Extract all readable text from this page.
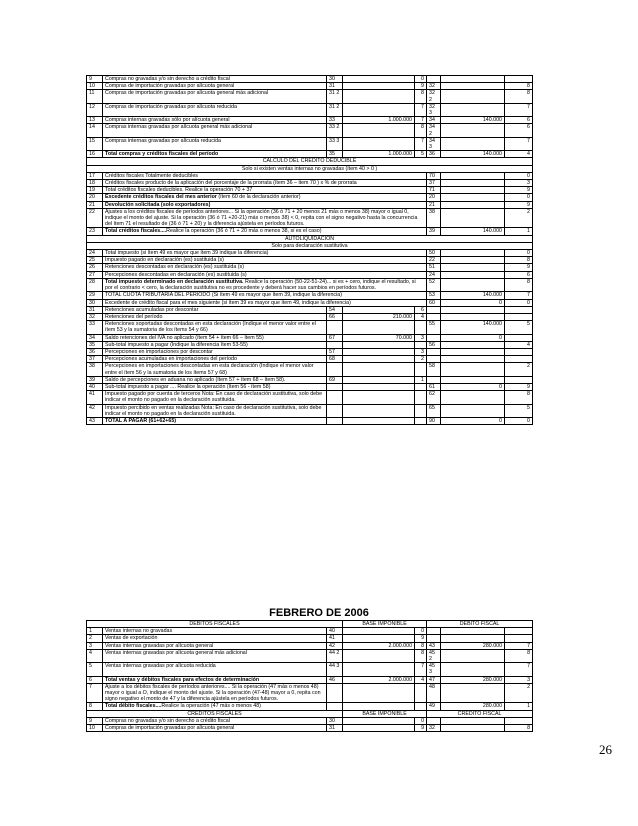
9	Compras no gravadas y/o sin derecho a crédito fiscal	30		0			
10	Compras de importación gravadas por alícuota general	31		9	32		8
11	Compras de importación gravadas por alícuota general más adicional	31 2		8	32 2		8
12	Compras de importación gravadas por alícuota reducida	31 2		7	32 3		7
13	Compras internas gravadas sólo por alícuota general	33	1.000.000	7	34	140.000	6
14	Compras internas gravadas por alícuota general más adicional	33 2		8	34 2		6
15	Compras internas gravadas por alícuota reducida	33 3		7	34 3		7
16	Total compras y créditos fiscales del período	35	1.000.000	5	36	140.000	4
CALCULO DEL CREDITO DEDUCIBLE							
Solo si existen ventas internas no gravadas (ítem 40 > 0 )							
17	Créditos fiscales Totalmente deducibles				70		0
18	Créditos fiscales producto de la aplicación del porcentaje de la prorrata (ítem 36 – item 70 ) x % de prorrata				37		3
19	Total créditos fiscales deducibles. Realice la operación 70 + 37				71		9
20	Excedente créditos fiscales del mes anterior (ítem 60 de la declaración anterior)				20		0
21	Devolución solicitada (solo exportadores)				21		9
22	Ajustes a los créditos fiscales de períodos anteriores... Si la operación (36 ó 71 + 20 menos 21 más o menos 38) mayor o igual 0, indique el monto del ajuste. Si la operación (36 ó 71 +20-21) más o menos 38) < 0, repita con el signo negativo hasta la concurrencia del ítem 71 el resultado de (36 ó 71 + 20) y la diferencia ajústela en períodos futuros.				38		2
23	Total créditos fiscales....Realice la operación (36 ó 71 + 20 más o menos 38, si es el caso)				39	140.000	1
AUTOLIQUIDACION							
Solo para declaración sustitutiva							
24	Total impuesto (si ítem 49 es mayor que ítem 39 indique la diferencia)				50		0
25	Impuesto pagado en declaración (es) sustituida (s)				22		8
26	Retenciones descontadas en declaración (es) sustituida (s)				51		9
27	Percepciones descontadas en declaración (es) sustituida (s)				24		6
28	Total impuesto determinado en declaración sustitutiva. Realice la operación (50-22-51-24)... si es + cero, indique el resultado, si por el contrario < cero, la declaración sustitutiva no es procedente y deberá hacer sus cambios en períodos futuros.				52		8
29	TOTAL CUOTA TRIBUTARIA DEL PERIODO (Si ítem 49 es mayor que ítem 39, indique la diferencia)				53	140.000	7
30	Excedente de crédito fiscal para el mes siguiente (si ítem 39 es mayor que ítem 49, indique la diferencia)				60	0	0
31	Retenciones acumuladas por descontar	54		6			
32	Retenciones del período	66	210.000	4			
33	Retenciones soportadas descontadas en esta declaración (Indique el menor valor entre el ítem 53 y la sumatoria de los ítems 54 y 66)				55	140.000	5
34	Saldo retenciones del IVA no aplicado (ítem 54 + ítem 66 – ítem 55)	67	70.000	3		0	
35	Sub-total impuesto a pagar (Indique la diferencia ítem 53-55)				56		4
36	Percepciones en importaciones por descontar	57		3			
37	Percepciones acumuladas en importaciones del período	68		2			
38	Percepciones en importaciones descontadas en esta declaración (Indique el menor valor entre el ítem 56 y la sumatoria de los ítems 57 y 68)				58		2
39	Saldo de percepciones en aduana no aplicado (ítem 57 + ítem 68 – ítem 58).	69		1			
40	Sub-total impuesto a pagar .... Realice la operación (ítem 56 - ítem 58)				61	0	9
41	Impuesto pagado por cuenta de terceros Nota: En caso de declaración sustitutiva, solo debe indicar el monto no pagado en la declaración sustituida.				62		8
42	Impuesto percibido en ventas realizadas Nota: En caso de declaración sustitutiva, solo debe indicar el monto no pagado en la declaración sustituida.				65		5
43	TOTAL A PAGAR (61+62+65)				90	0	0
FEBRERO DE 2006
DEBITOS FISCALES			BASE IMPONIBLE		DEBITO FISCAL		
1	Ventas internas no gravadas	40		0			
2	Ventas de exportación	41		9			
3	Ventas internas gravadas por alícuota general	42	2.000.000	8	43	280.000	7
4	Ventas internas gravadas por alícuota general más adicional	44 2		8	45 2		8
5	Ventas internas gravadas por alícuota reducida	44 3		7	45 3		7
6	Total ventas y débitos fiscales para efectos de determinación	46	2.000.000	4	47	280.000	3
7	Ajuste a los débitos fiscales de períodos anteriores.... Si la operación (47 más o menos 48) mayor o igual a O, indique el monto del ajuste. Si la operación (47-48) mayor a 0, repita con signo negativo el monto de 47 y la diferencia ajústela en períodos futuros.				48		2
8	Total débito fiscales....Realice la operación (47 más o menos 48)				49	280.000	1
CREDITOS FISCALES			BASE IMPONIBLE		CREDITO FISCAL		
9	Compras no gravadas y/o sin derecho a crédito fiscal	30		0			
10	Compras de importación gravadas por alícuota general	31		9	32		8
26
